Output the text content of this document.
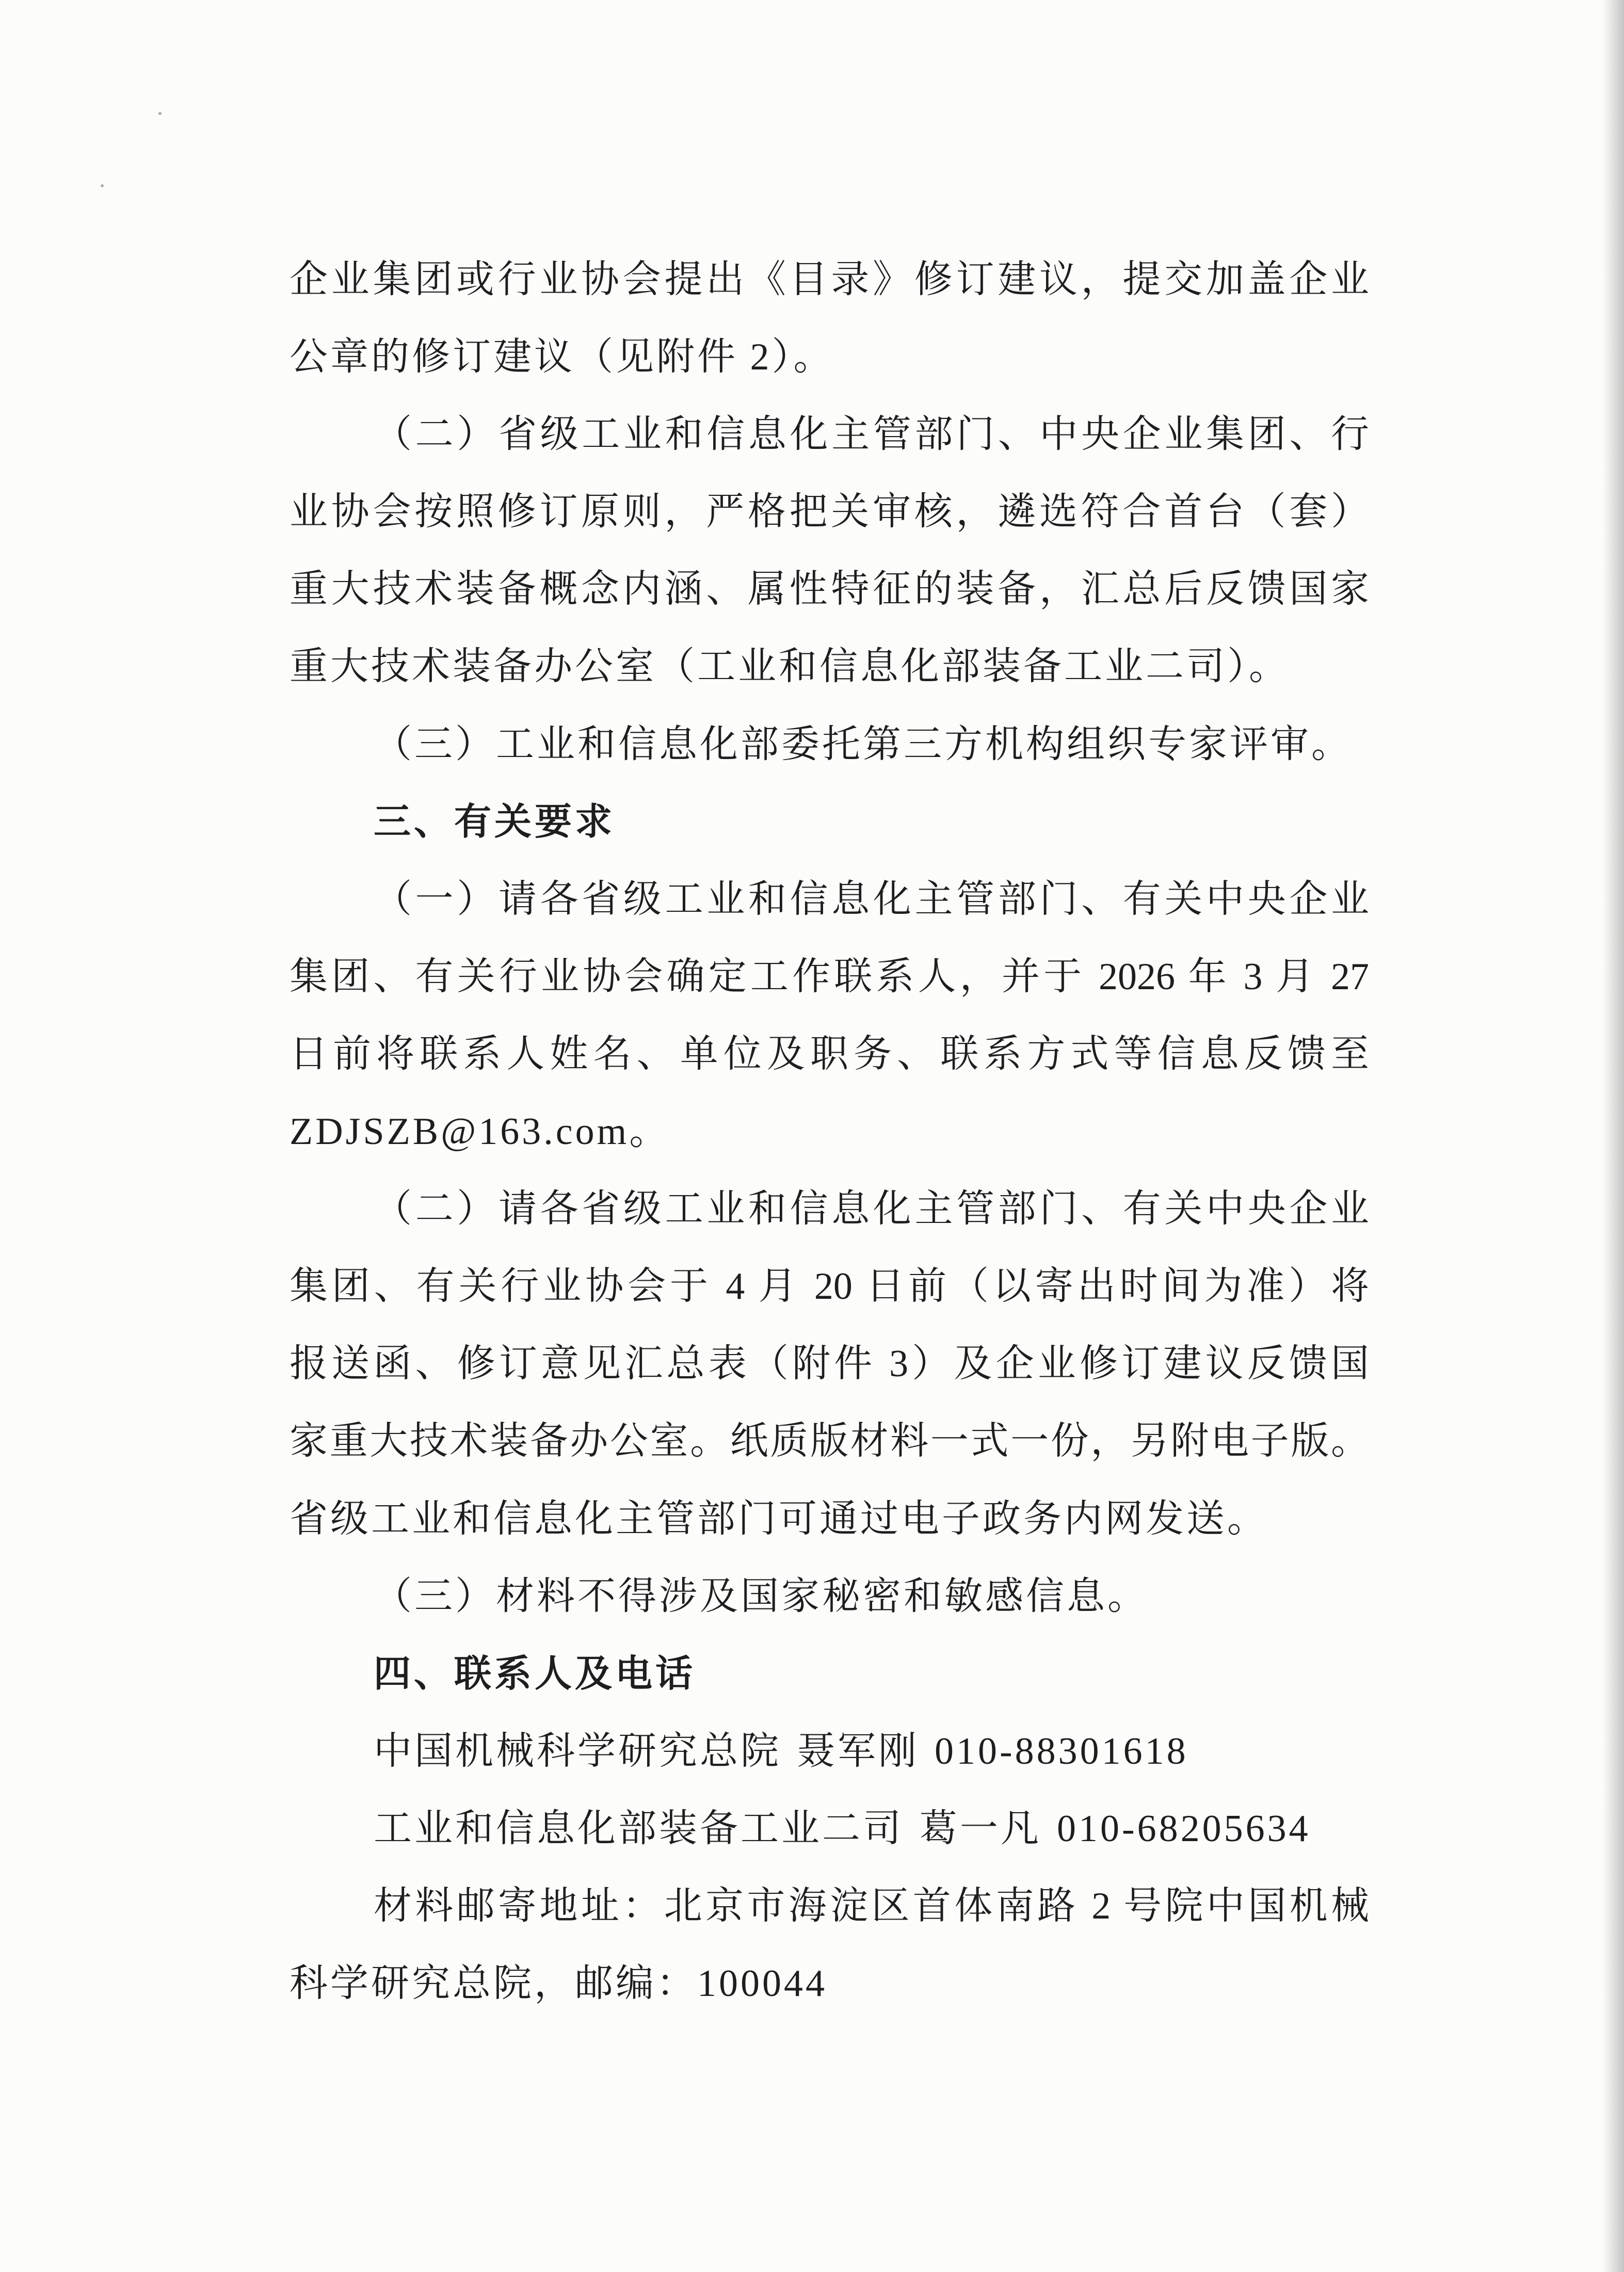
企业集团或行业协会提出《目录》修订建议，提交加盖企业
公章的修订建议（见附件 2）。
（二）省级工业和信息化主管部门、中央企业集团、行
业协会按照修订原则，严格把关审核，遴选符合首台（套）
重大技术装备概念内涵、属性特征的装备，汇总后反馈国家
重大技术装备办公室（工业和信息化部装备工业二司）。
（三）工业和信息化部委托第三方机构组织专家评审。
三、有关要求
（一）请各省级工业和信息化主管部门、有关中央企业
集团、有关行业协会确定工作联系人，并于 2026 年 3 月 27
日前将联系人姓名、单位及职务、联系方式等信息反馈至
ZDJSZB@163.com。
（二）请各省级工业和信息化主管部门、有关中央企业
集团、有关行业协会于 4 月 20 日前（以寄出时间为准）将
报送函、修订意见汇总表（附件 3）及企业修订建议反馈国
家重大技术装备办公室。纸质版材料一式一份，另附电子版。
省级工业和信息化主管部门可通过电子政务内网发送。
（三）材料不得涉及国家秘密和敏感信息。
四、联系人及电话
中国机械科学研究总院 聂军刚 010-88301618
工业和信息化部装备工业二司 葛一凡 010-68205634
材料邮寄地址：北京市海淀区首体南路 2 号院中国机械
科学研究总院，邮编：100044
